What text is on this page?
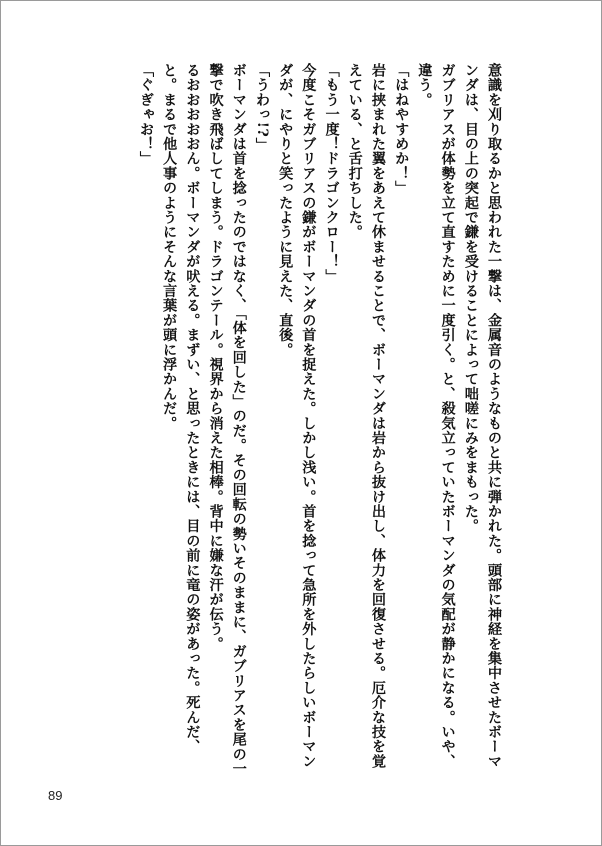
意識を刈り取るかと思われた一撃は、金属音のようなものと共に弾かれた。頭部に神経を集中させたボーマンダは、目の上の突起で鎌を受けることによって咄嗟にみをまもった。

ガブリアスが体勢を立て直すために一度引く。と、殺気立っていたボーマンダの気配が静かになる。いや、違う。

「はねやすめか！」

岩に挟まれた翼をあえて休ませることで、ボーマンダは岩から抜け出し、体力を回復させる。厄介な技を覚えている、と舌打ちした。

「もう一度！ドラゴンクロー！」

今度こそガブリアスの鎌がボーマンダの首を捉えた。しかし浅い。首を捻って急所を外したらしいボーマンダが、にやりと笑ったように見えた、直後。

「うわっ!?」

ボーマンダは首を捻ったのではなく、「体を回した」のだ。その回転の勢いそのままに、ガブリアスを尾の一撃で吹き飛ばしてしまう。ドラゴンテール。視界から消えた相棒。背中に嫌な汗が伝う。

るおおおおおん。ボーマンダが吠える。まずい、と思ったときには、目の前に竜の姿があった。死んだ、と。まるで他人事のようにそんな言葉が頭に浮かんだ。

「ぐぎゃお！」

89
